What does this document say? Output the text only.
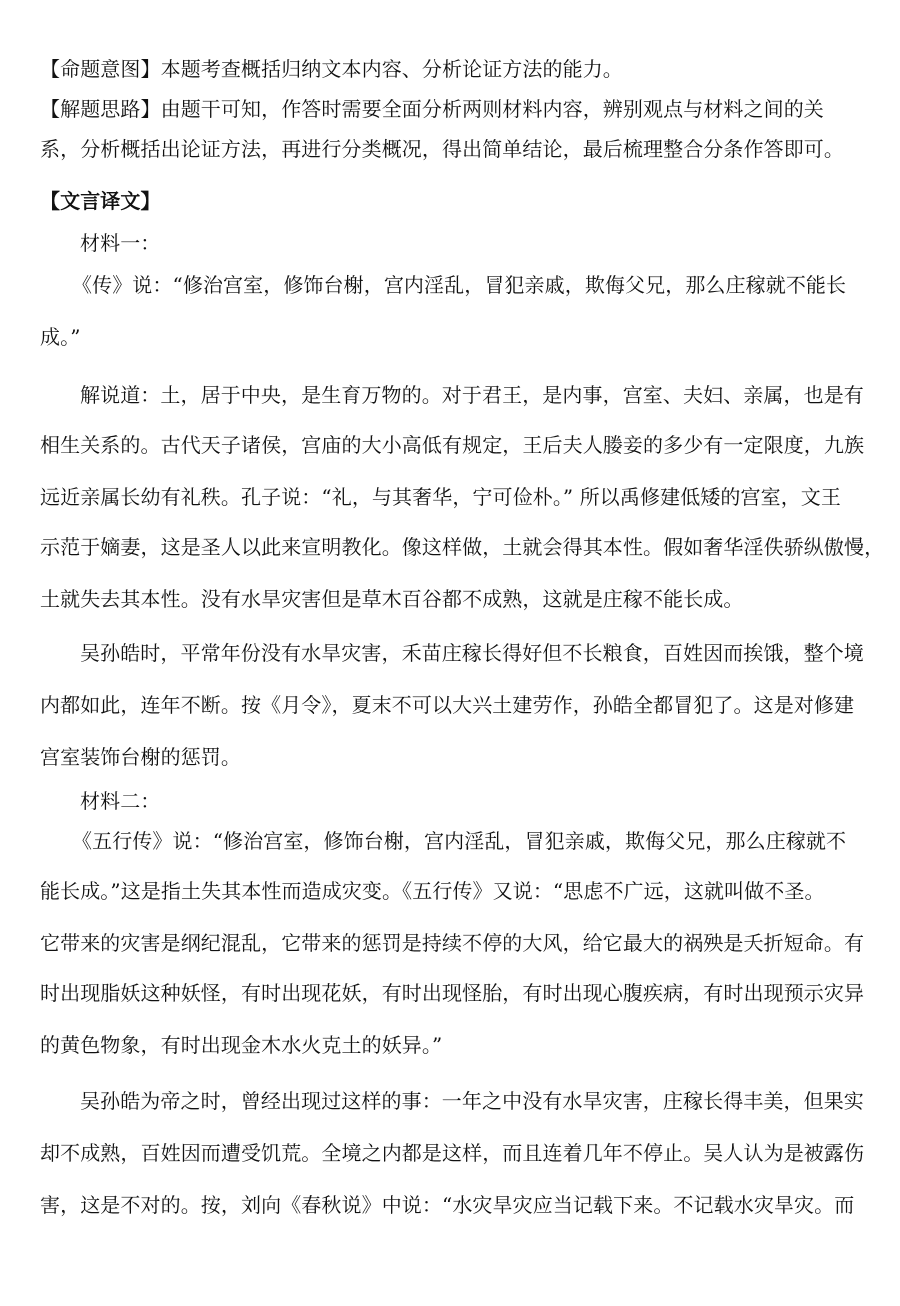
【命题意图】本题考查概括归纳文本内容、分析论证方法的能力。
【解题思路】由题干可知，作答时需要全面分析两则材料内容，辨别观点与材料之间的关
系，分析概括出论证方法，再进行分类概况，得出简单结论，最后梳理整合分条作答即可。
【文言译文】
材料一：
《传》说：“修治宫室，修饰台榭，宫内淫乱，冒犯亲戚，欺侮父兄，那么庄稼就不能长
成。”
解说道：土，居于中央，是生育万物的。对于君王，是内事，宫室、夫妇、亲属，也是有
相生关系的。古代天子诸侯，宫庙的大小高低有规定，王后夫人媵妾的多少有一定限度，九族
远近亲属长幼有礼秩。孔子说：“礼，与其奢华，宁可俭朴。” 所以禹修建低矮的宫室，文王
示范于嫡妻，这是圣人以此来宣明教化。像这样做，土就会得其本性。假如奢华淫佚骄纵傲慢，
土就失去其本性。没有水旱灾害但是草木百谷都不成熟，这就是庄稼不能长成。
吴孙皓时，平常年份没有水旱灾害，禾苗庄稼长得好但不长粮食，百姓因而挨饿，整个境
内都如此，连年不断。按《月令》，夏末不可以大兴土建劳作，孙皓全都冒犯了。这是对修建
宫室装饰台榭的惩罚。
材料二：
《五行传》说：“修治宫室，修饰台榭，宫内淫乱，冒犯亲戚，欺侮父兄，那么庄稼就不
能长成。”这是指土失其本性而造成灾变。《五行传》又说：“思虑不广远，这就叫做不圣。
它带来的灾害是纲纪混乱，它带来的惩罚是持续不停的大风，给它最大的祸殃是夭折短命。有
时出现脂妖这种妖怪，有时出现花妖，有时出现怪胎，有时出现心腹疾病，有时出现预示灾异
的黄色物象，有时出现金木水火克土的妖异。”
吴孙皓为帝之时，曾经出现过这样的事：一年之中没有水旱灾害，庄稼长得丰美，但果实
却不成熟，百姓因而遭受饥荒。全境之内都是这样，而且连着几年不停止。吴人认为是被露伤
害，这是不对的。按，刘向《春秋说》中说：“水灾旱灾应当记载下来。不记载水灾旱灾。而
